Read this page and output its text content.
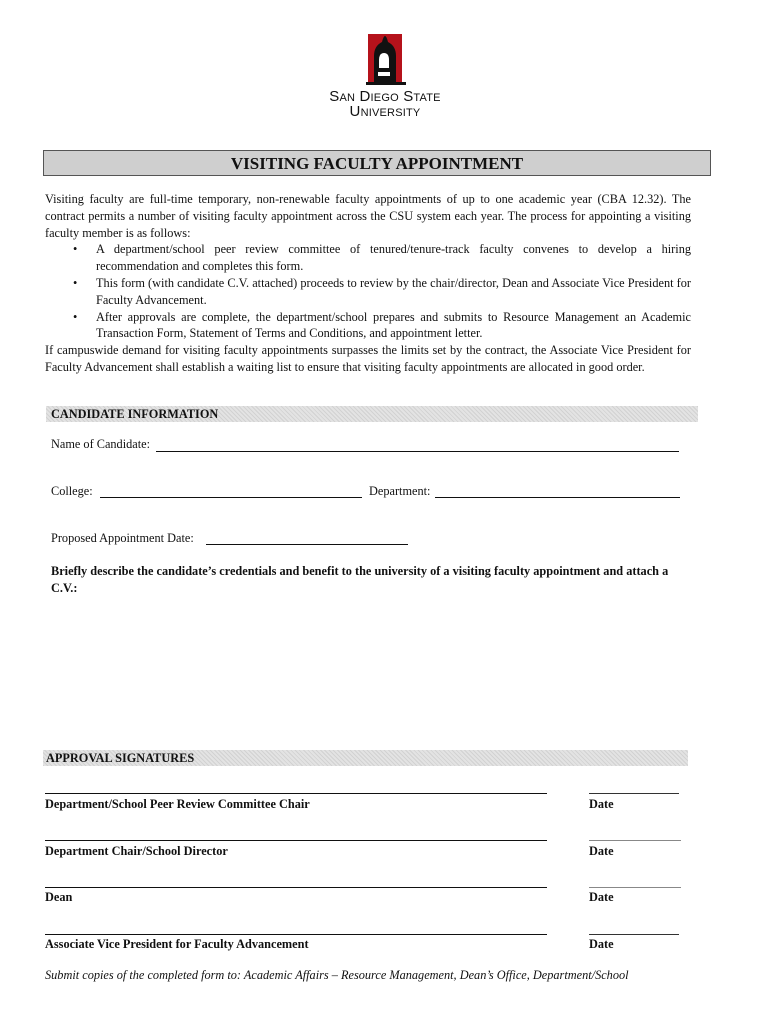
San Diego State
University
VISITING FACULTY APPOINTMENT

Visiting faculty are full-time temporary, non-renewable faculty appointments of up to one academic year (CBA 12.32). The contract permits a number of visiting faculty appointment across the CSU system each year. The process for appointing a visiting faculty member is as follows:

• A department/school peer review committee of tenured/tenure-track faculty convenes to develop a hiring recommendation and completes this form.
• This form (with candidate C.V. attached) proceeds to review by the chair/director, Dean and Associate Vice President for Faculty Advancement.
• After approvals are complete, the department/school prepares and submits to Resource Management an Academic Transaction Form, Statement of Terms and Conditions, and appointment letter.

If campuswide demand for visiting faculty appointments surpasses the limits set by the contract, the Associate Vice President for Faculty Advancement shall establish a waiting list to ensure that visiting faculty appointments are allocated in good order.

CANDIDATE INFORMATION
Name of Candidate:
College:	Department:
Proposed Appointment Date:
Briefly describe the candidate’s credentials and benefit to the university of a visiting faculty appointment and attach a C.V.:
APPROVAL SIGNATURES
Department/School Peer Review Committee Chair	Date
Department Chair/School Director	Date
Dean	Date
Associate Vice President for Faculty Advancement	Date
Submit copies of the completed form to: Academic Affairs – Resource Management, Dean’s Office, Department/School
